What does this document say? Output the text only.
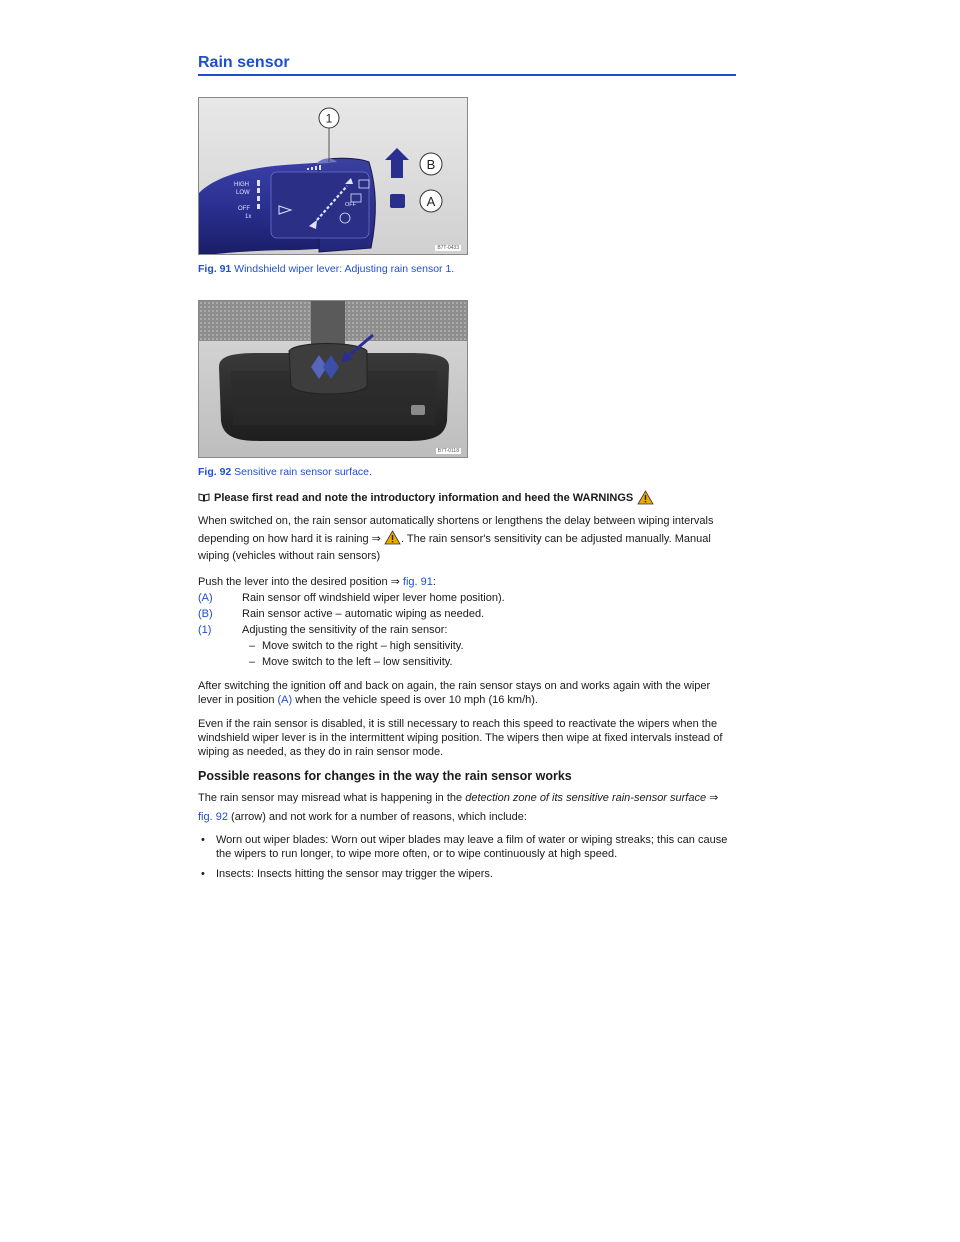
Rain sensor
HIGH
LOW
OFF
1x
OFF
1
B
A
B7T-0433
Fig. 91 Windshield wiper lever: Adjusting rain sensor 1.
B7T-0118
Fig. 92 Sensitive rain sensor surface.
Please first read and note the introductory information and heed the WARNINGS

When switched on, the rain sensor automatically shortens or lengthens the delay between wiping intervals depending on how hard it is raining ⇒ . The rain sensor's sensitivity can be adjusted manually. Manual wiping (vehicles without rain sensors)

Push the lever into the desired position ⇒ fig. 91:

(A)	Rain sensor off windshield wiper lever home position).
(B)	Rain sensor active – automatic wiping as needed.
(1)	Adjusting the sensitivity of the rain sensor:
– Move switch to the right – high sensitivity.
– Move switch to the left – low sensitivity.

After switching the ignition off and back on again, the rain sensor stays on and works again with the wiper lever in position (A) when the vehicle speed is over 10 mph (16 km/h).

Even if the rain sensor is disabled, it is still necessary to reach this speed to reactivate the wipers when the windshield wiper lever is in the intermittent wiping position. The wipers then wipe at fixed intervals instead of wiping as needed, as they do in rain sensor mode.

Possible reasons for changes in the way the rain sensor works

The rain sensor may misread what is happening in the detection zone of its sensitive rain-sensor surface ⇒ fig. 92 (arrow) and not work for a number of reasons, which include:

•	Worn out wiper blades: Worn out wiper blades may leave a film of water or wiping streaks; this can cause the wipers to run longer, to wipe more often, or to wipe continuously at high speed.
•	Insects: Insects hitting the sensor may trigger the wipers.
